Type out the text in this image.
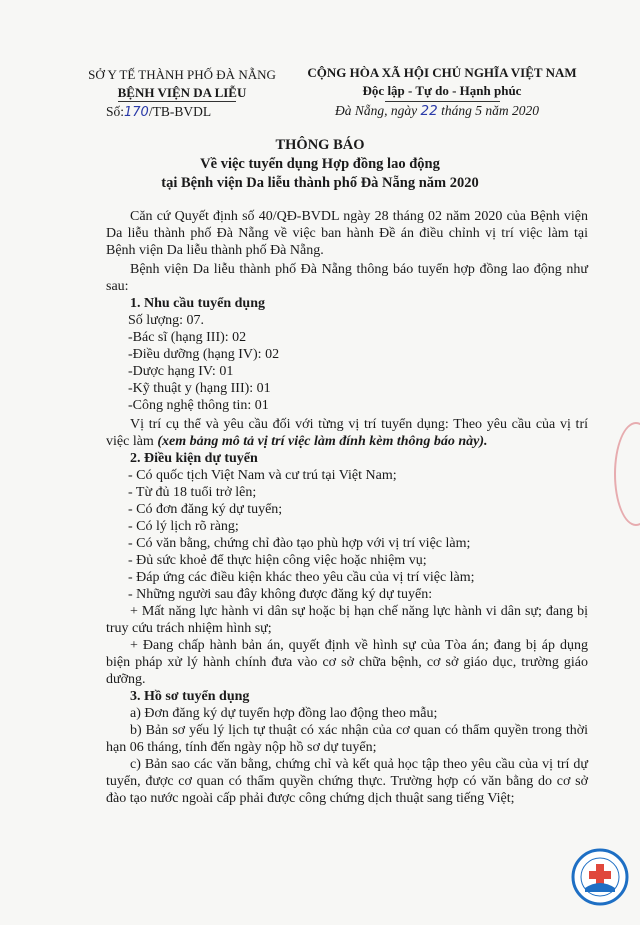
SỞ Y TẾ THÀNH PHỐ ĐÀ NẴNG
BỆNH VIỆN DA LIỄU
Số:170/TB-BVDL
CỘNG HÒA XÃ HỘI CHỦ NGHĨA VIỆT NAM
Độc lập - Tự do - Hạnh phúc
Đà Nẵng, ngày 22 tháng 5 năm 2020
THÔNG BÁO
Về việc tuyển dụng Hợp đồng lao động
tại Bệnh viện Da liễu thành phố Đà Nẵng năm 2020

Căn cứ Quyết định số 40/QĐ-BVDL ngày 28 tháng 02 năm 2020 của Bệnh viện Da liễu thành phố Đà Nẵng về việc ban hành Đề án điều chỉnh vị trí việc làm tại Bệnh viện Da liễu thành phố Đà Nẵng.

Bệnh viện Da liễu thành phố Đà Nẵng thông báo tuyển hợp đồng lao động như sau:

1. Nhu cầu tuyển dụng

Số lượng: 07.

-Bác sĩ (hạng III): 02

-Điều dưỡng (hạng IV): 02

-Dược hạng IV: 01

-Kỹ thuật y (hạng III): 01

-Công nghệ thông tin: 01

Vị trí cụ thể và yêu cầu đối với từng vị trí tuyển dụng: Theo yêu cầu của vị trí việc làm (xem bảng mô tả vị trí việc làm đính kèm thông báo này).

2. Điều kiện dự tuyển

- Có quốc tịch Việt Nam và cư trú tại Việt Nam;

- Từ đủ 18 tuổi trở lên;

- Có đơn đăng ký dự tuyển;

- Có lý lịch rõ ràng;

- Có văn bằng, chứng chỉ đào tạo phù hợp với vị trí việc làm;

- Đủ sức khoẻ để thực hiện công việc hoặc nhiệm vụ;

- Đáp ứng các điều kiện khác theo yêu cầu của vị trí việc làm;

- Những người sau đây không được đăng ký dự tuyển:

+ Mất năng lực hành vi dân sự hoặc bị hạn chế năng lực hành vi dân sự; đang bị truy cứu trách nhiệm hình sự;

+ Đang chấp hành bản án, quyết định về hình sự của Tòa án; đang bị áp dụng biện pháp xử lý hành chính đưa vào cơ sở chữa bệnh, cơ sở giáo dục, trường giáo dưỡng.

3. Hồ sơ tuyển dụng

a) Đơn đăng ký dự tuyển hợp đồng lao động theo mẫu;

b) Bản sơ yếu lý lịch tự thuật có xác nhận của cơ quan có thẩm quyền trong thời hạn 06 tháng, tính đến ngày nộp hồ sơ dự tuyển;

c) Bản sao các văn bằng, chứng chỉ và kết quả học tập theo yêu cầu của vị trí dự tuyển, được cơ quan có thẩm quyền chứng thực. Trường hợp có văn bằng do cơ sở đào tạo nước ngoài cấp phải được công chứng dịch thuật sang tiếng Việt;
